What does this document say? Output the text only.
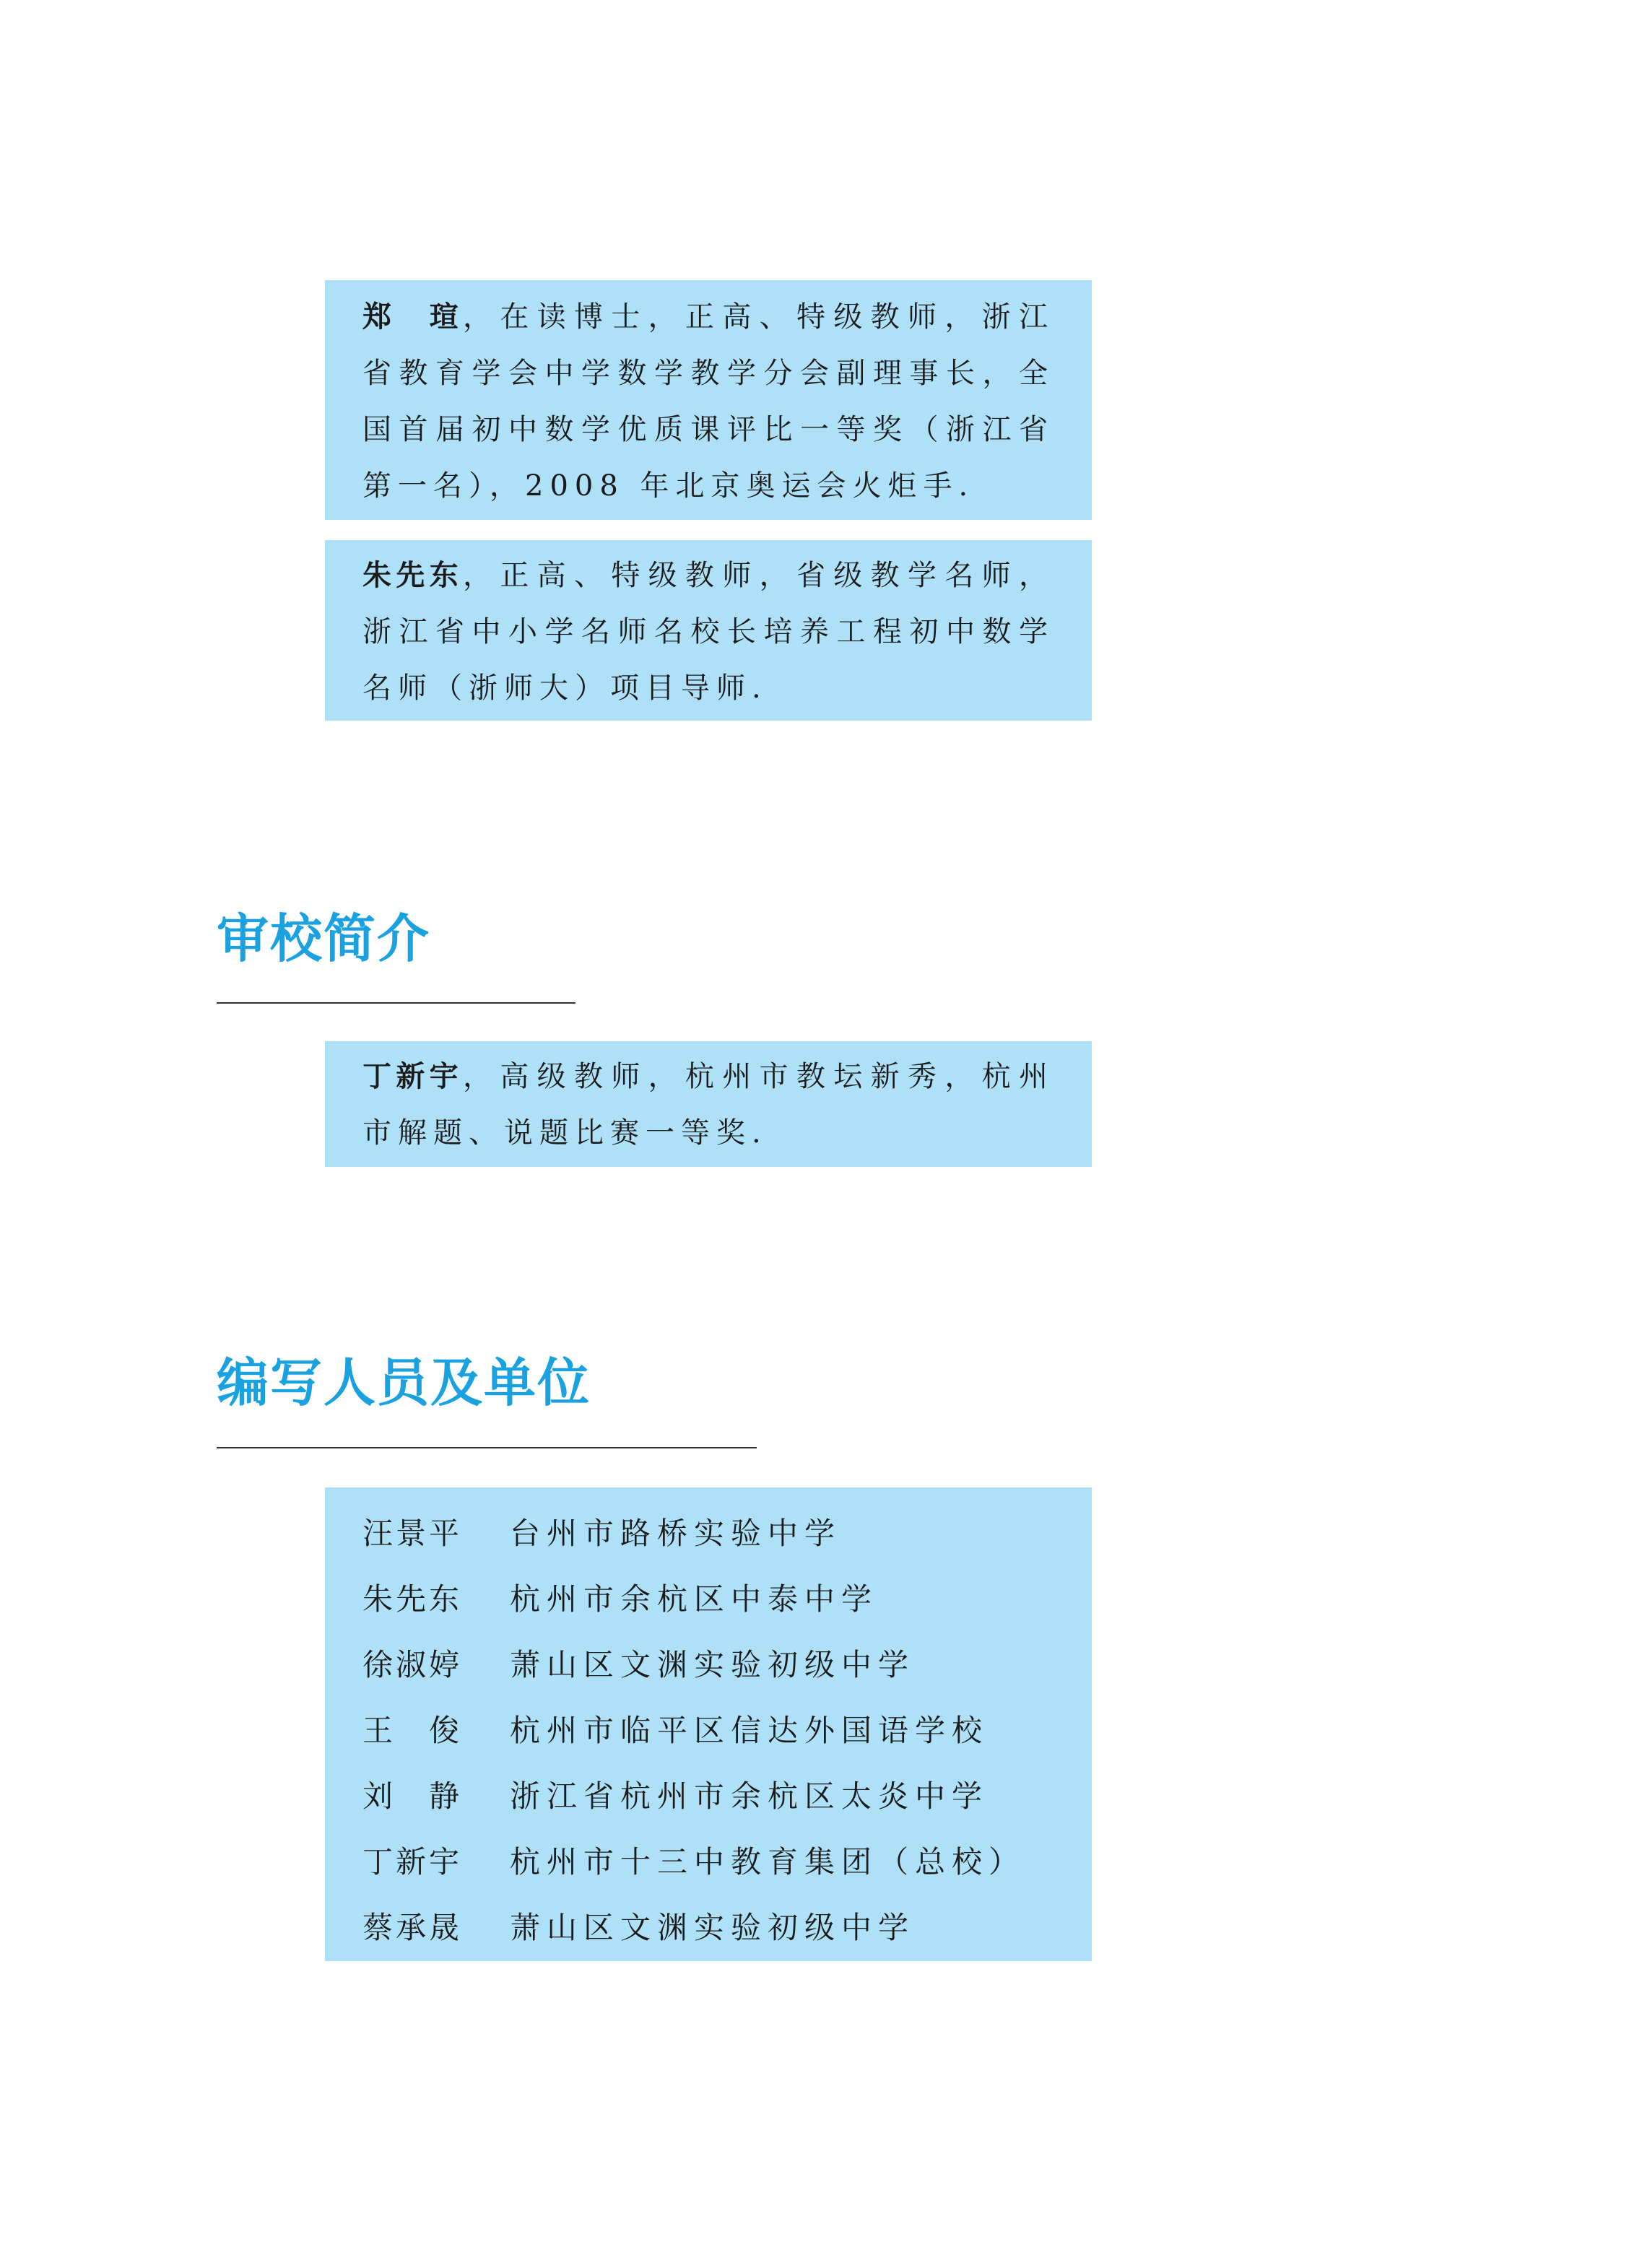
郑　瑄，在读博士，正高、特级教师，浙江省教育学会中学数学教学分会副理事长，全国首届初中数学优质课评比一等奖（浙江省第一名），2008 年北京奥运会火炬手.

朱先东，正高、特级教师，省级教学名师，浙江省中小学名师名校长培养工程初中数学名师（浙师大）项目导师.

审校简介

丁新宇，高级教师，杭州市教坛新秀，杭州市解题、说题比赛一等奖.

编写人员及单位
汪景平 台州市路桥实验中学
朱先东 杭州市余杭区中泰中学
徐淑婷 萧山区文渊实验初级中学
王　俊 杭州市临平区信达外国语学校
刘　静 浙江省杭州市余杭区太炎中学
丁新宇 杭州市十三中教育集团（总校）
蔡承晟 萧山区文渊实验初级中学
